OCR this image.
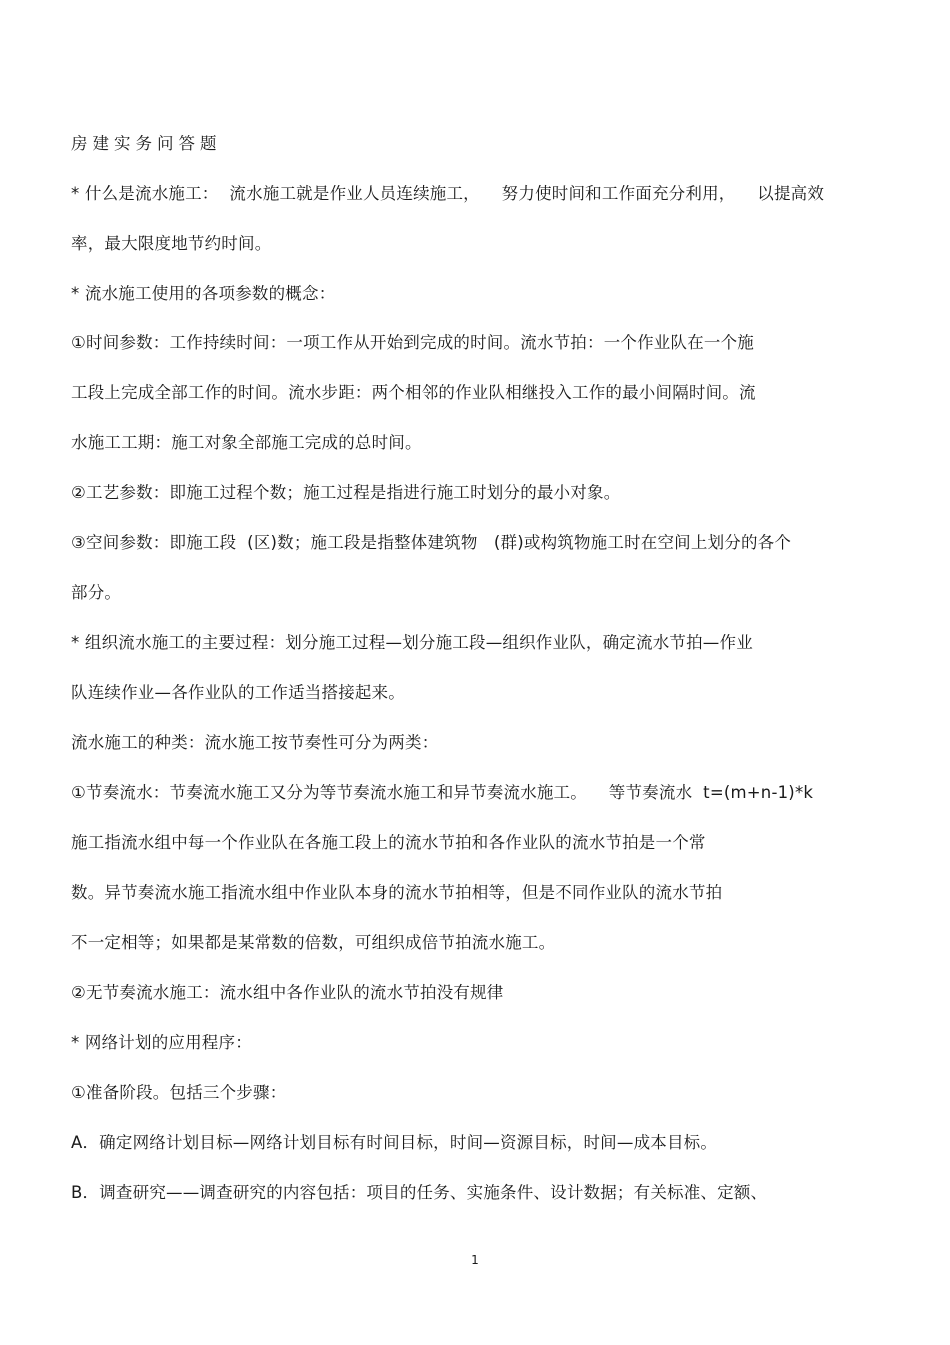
房建实务问答题
* 什么是流水施工：  流水施工就是作业人员连续施工，    努力使时间和工作面充分利用，    以提高效
率，最大限度地节约时间。
* 流水施工使用的各项参数的概念：
①时间参数：工作持续时间：一项工作从开始到完成的时间。流水节拍：一个作业队在一个施
工段上完成全部工作的时间。流水步距：两个相邻的作业队相继投入工作的最小间隔时间。流
水施工工期：施工对象全部施工完成的总时间。
②工艺参数：即施工过程个数；施工过程是指进行施工时划分的最小对象。
③空间参数：即施工段  (区)数；施工段是指整体建筑物   (群)或构筑物施工时在空间上划分的各个
部分。
* 组织流水施工的主要过程：划分施工过程—划分施工段—组织作业队，确定流水节拍—作业
队连续作业—各作业队的工作适当搭接起来。
流水施工的种类：流水施工按节奏性可分为两类：
①节奏流水：节奏流水施工又分为等节奏流水施工和异节奏流水施工。    等节奏流水  t=(m+n-1)*k
施工指流水组中每一个作业队在各施工段上的流水节拍和各作业队的流水节拍是一个常
数。异节奏流水施工指流水组中作业队本身的流水节拍相等，但是不同作业队的流水节拍
不一定相等；如果都是某常数的倍数，可组织成倍节拍流水施工。
②无节奏流水施工：流水组中各作业队的流水节拍没有规律
* 网络计划的应用程序：
①准备阶段。包括三个步骤：
A．确定网络计划目标—网络计划目标有时间目标，时间—资源目标，时间—成本目标。
B．调查研究——调查研究的内容包括：项目的任务、实施条件、设计数据；有关标准、定额、
1
